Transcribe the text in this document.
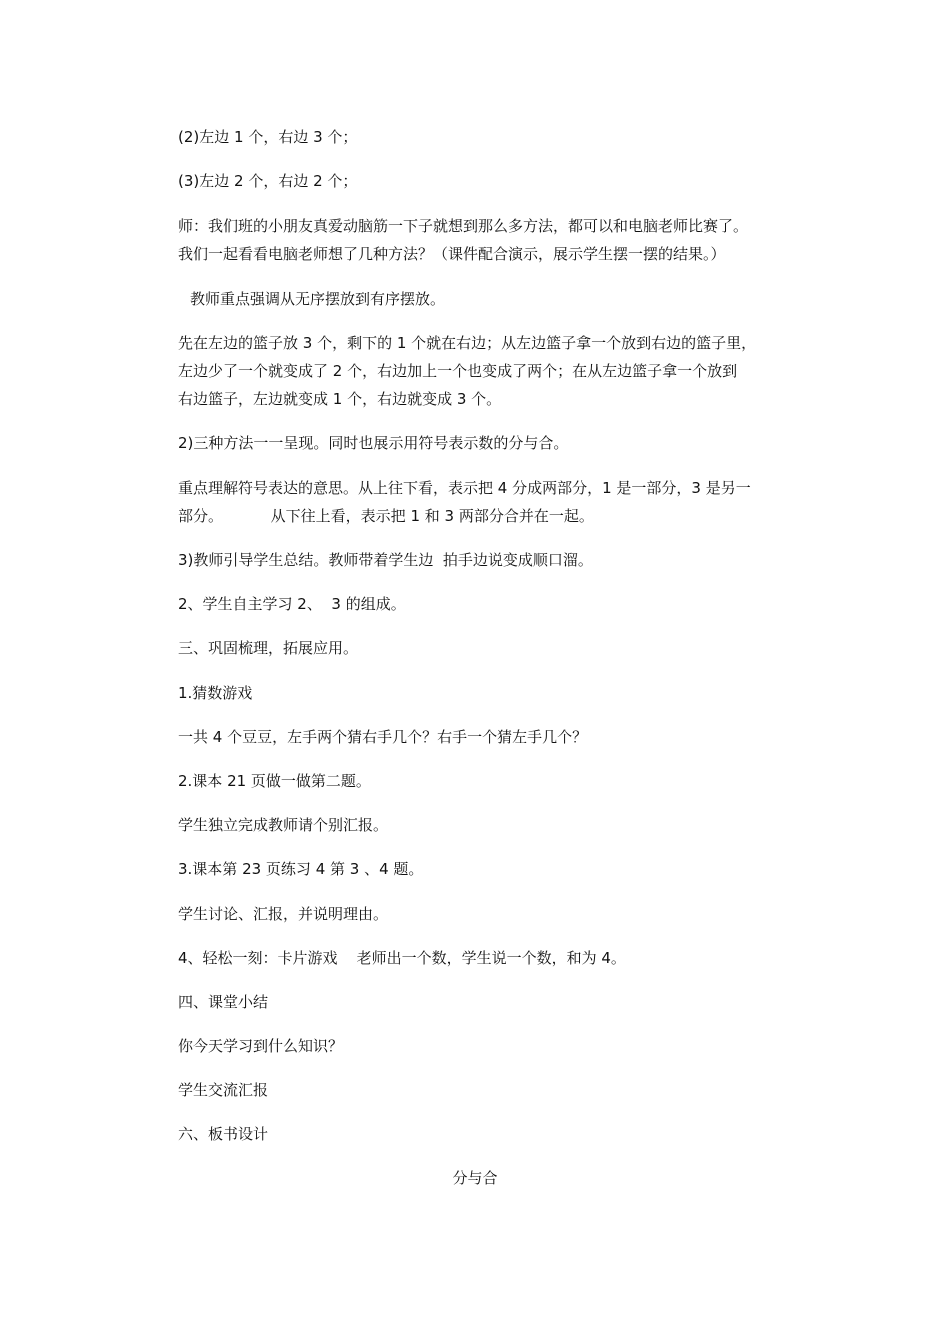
(2)左边 1 个，右边 3 个；
(3)左边 2 个，右边 2 个；
师：我们班的小朋友真爱动脑筋一下子就想到那么多方法，都可以和电脑老师比赛了。
我们一起看看电脑老师想了几种方法？（课件配合演示，展示学生摆一摆的结果。）
教师重点强调从无序摆放到有序摆放。
先在左边的篮子放 3 个，剩下的 1 个就在右边；从左边篮子拿一个放到右边的篮子里，
左边少了一个就变成了 2 个，右边加上一个也变成了两个；在从左边篮子拿一个放到
右边篮子，左边就变成 1 个，右边就变成 3 个。
2)三种方法一一呈现。同时也展示用符号表示数的分与合。
重点理解符号表达的意思。从上往下看，表示把 4 分成两部分，1 是一部分，3 是另一
部分。          从下往上看，表示把 1 和 3 两部分合并在一起。
3)教师引导学生总结。教师带着学生边  拍手边说变成顺口溜。
2、学生自主学习 2、  3 的组成。
三、巩固梳理，拓展应用。
1.猜数游戏
一共 4 个豆豆，左手两个猜右手几个？右手一个猜左手几个？
2.课本 21 页做一做第二题。
学生独立完成教师请个别汇报。
3.课本第 23 页练习 4 第 3 、4 题。
学生讨论、汇报，并说明理由。
4、轻松一刻：卡片游戏    老师出一个数，学生说一个数，和为 4。
四、课堂小结
你今天学习到什么知识？
学生交流汇报
六、板书设计
分与合
